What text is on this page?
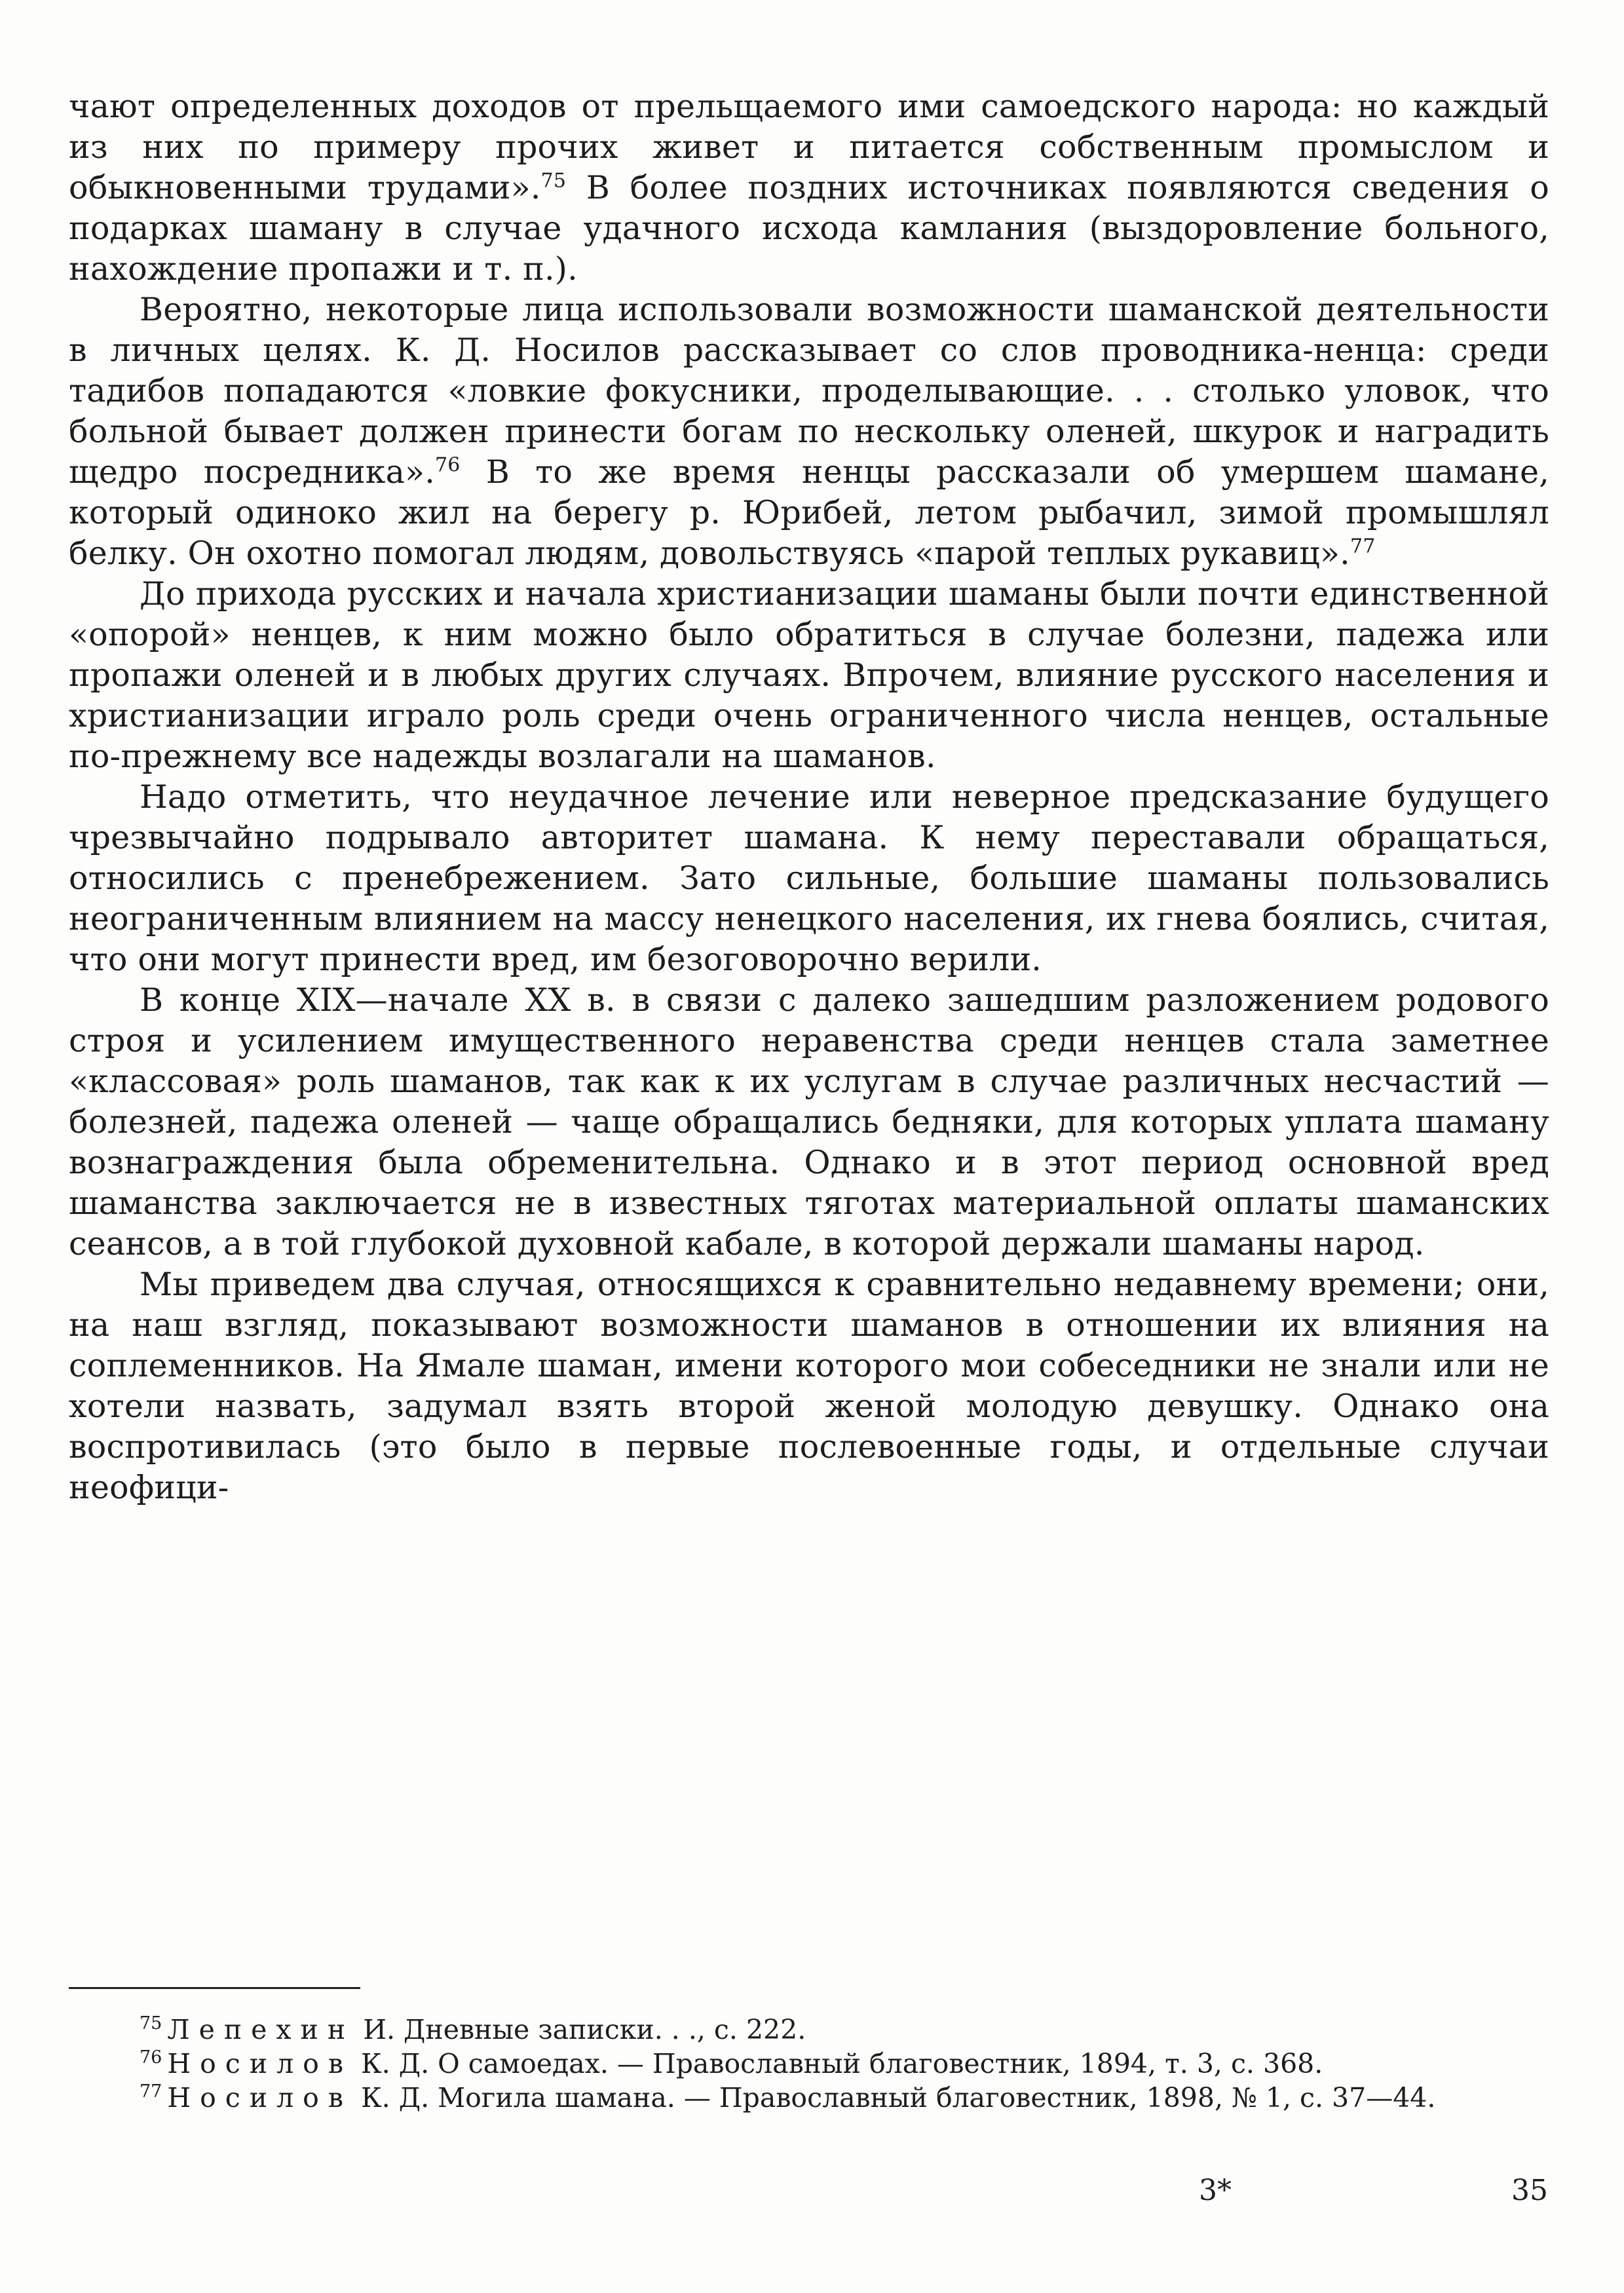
чают определенных доходов от прельщаемого ими самоедского народа: но каждый из них по примеру прочих живет и питается собственным промыслом и обыкновенными трудами».$^{75}$ В более поздних источниках появляются сведения о подарках шаману в случае удачного исхода камлания (выздоровление больного, нахождение пропажи и т. п.).

Вероятно, некоторые лица использовали возможности шаманской деятельности в личных целях. К. Д. Носилов рассказывает со слов проводника-ненца: среди тадибов попадаются «ловкие фокусники, проделывающие. . . столько уловок, что больной бывает должен принести богам по нескольку оленей, шкурок и наградить щедро посредника».$^{76}$ В то же время ненцы рассказали об умершем шамане, который одиноко жил на берегу р. Юрибей, летом рыбачил, зимой промышлял белку. Он охотно помогал людям, довольствуясь «парой теплых рукавиц».$^{77}$

До прихода русских и начала христианизации шаманы были почти единственной «опорой» ненцев, к ним можно было обратиться в случае болезни, падежа или пропажи оленей и в любых других случаях. Впрочем, влияние русского населения и христианизации играло роль среди очень ограниченного числа ненцев, остальные по-прежнему все надежды возлагали на шаманов.

Надо отметить, что неудачное лечение или неверное предсказание будущего чрезвычайно подрывало авторитет шамана. К нему переставали обращаться, относились с пренебрежением. Зато сильные, большие шаманы пользовались неограниченным влиянием на массу ненецкого населения, их гнева боялись, считая, что они могут принести вред, им безоговорочно верили.

В конце XIX—начале XX в. в связи с далеко зашедшим разложением родового строя и усилением имущественного неравенства среди ненцев стала заметнее «классовая» роль шаманов, так как к их услугам в случае различных несчастий — болезней, падежа оленей — чаще обращались бедняки, для которых уплата шаману вознаграждения была обременительна. Однако и в этот период основной вред шаманства заключается не в известных тяготах материальной оплаты шаманских сеансов, а в той глубокой духовной кабале, в которой держали шаманы народ.

Мы приведем два случая, относящихся к сравнительно недавнему времени; они, на наш взгляд, показывают возможности шаманов в отношении их влияния на соплеменников. На Ямале шаман, имени которого мои собеседники не знали или не хотели назвать, задумал взять второй женой молодую девушку. Однако она воспротивилась (это было в первые послевоенные годы, и отдельные случаи неофици-

$^{75}$ Лепехин И. Дневные записки. . ., с. 222.

$^{76}$ Носилов К. Д. О самоедах. — Православный благовестник, 1894, т. 3, с. 368.

$^{77}$ Носилов К. Д. Могила шамана. — Православный благовестник, 1898, № 1, с. 37—44.

3*	35
